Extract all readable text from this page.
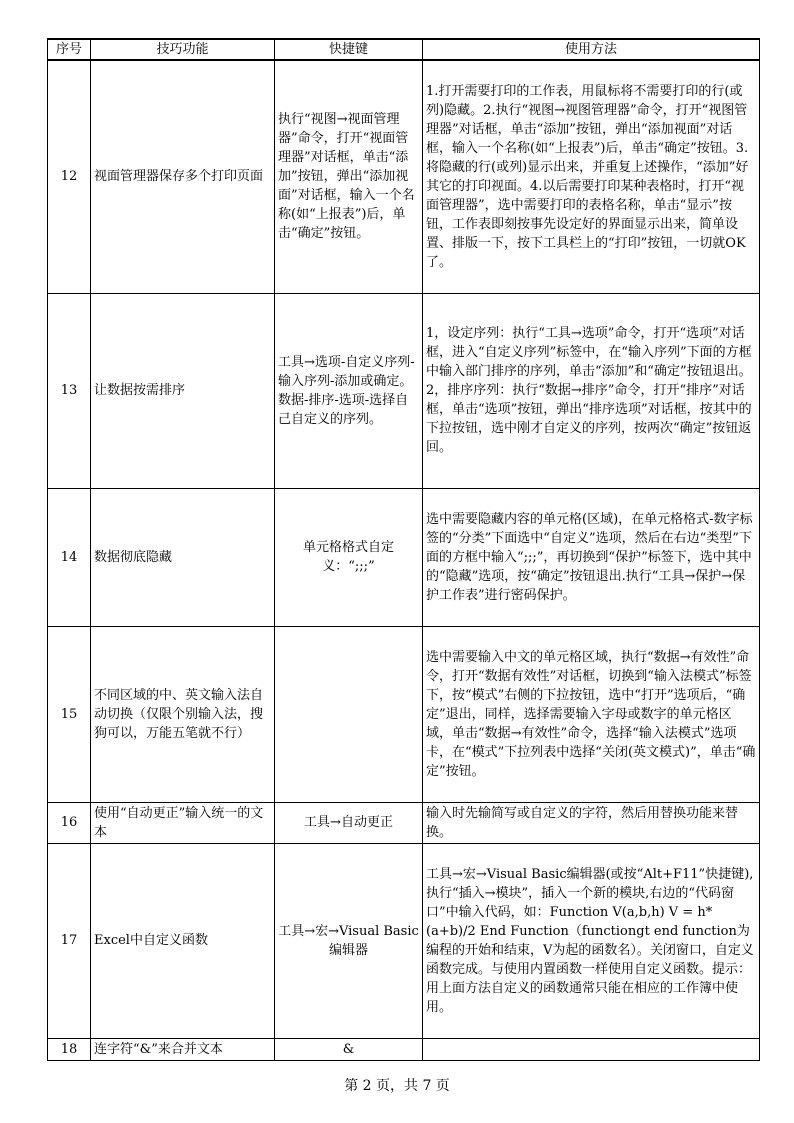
序号	技巧功能	快捷键	使用方法
12	视面管理器保存多个打印页面	执行“视图→视面管理器”命令，打开“视面管理器”对话框，单击“添加”按钮，弹出“添加视面”对话框，输入一个名称(如“上报表”)后，单击“确定”按钮。	1.打开需要打印的工作表，用鼠标将不需要打印的行(或列)隐藏。2.执行“视图→视图管理器”命令，打开“视图管理器”对话框，单击“添加”按钮，弹出“添加视面”对话框，输入一个名称(如“上报表”)后，单击“确定”按钮。3.将隐藏的行(或列)显示出来，并重复上述操作，“添加”好其它的打印视面。4.以后需要打印某种表格时，打开“视面管理器”，选中需要打印的表格名称，单击“显示”按钮，工作表即刻按事先设定好的界面显示出来，简单设置、排版一下，按下工具栏上的“打印”按钮，一切就OK了。
13	让数据按需排序	工具→选项-自定义序列-输入序列-添加或确定。数据-排序-选项-选择自己自定义的序列。	1，设定序列：执行“工具→选项”命令，打开“选项”对话框，进入“自定义序列”标签中，在“输入序列”下面的方框中输入部门排序的序列，单击“添加”和“确定”按钮退出。2，排序序列：执行“数据→排序”命令，打开“排序”对话框，单击“选项”按钮，弹出“排序选项”对话框，按其中的下拉按钮，选中刚才自定义的序列，按两次“确定”按钮返回。
14	数据彻底隐藏	单元格格式自定义：“;;;”	选中需要隐藏内容的单元格(区域)，在单元格格式-数字标签的“分类”下面选中“自定义”选项，然后在右边“类型”下面的方框中输入“;;;”，再切换到“保护”标签下，选中其中的“隐藏”选项，按“确定”按钮退出.执行“工具→保护→保护工作表”进行密码保护。
15	不同区域的中、英文输入法自动切换（仅限个别输入法，搜狗可以，万能五笔就不行）		选中需要输入中文的单元格区域，执行“数据→有效性”命令，打开“数据有效性”对话框，切换到“输入法模式”标签下，按“模式”右侧的下拉按钮，选中“打开”选项后，“确定”退出，同样，选择需要输入字母或数字的单元格区域，单击“数据→有效性”命令，选择“输入法模式”选项卡，在“模式”下拉列表中选择“关闭(英文模式)”，单击“确定”按钮。
16	使用“自动更正”输入统一的文本	工具→自动更正	输入时先输简写或自定义的字符，然后用替换功能来替换。
17	Excel中自定义函数	工具→宏→Visual Basic编辑器	工具→宏→Visual Basic编辑器(或按“Alt+F11”快捷键),执行“插入→模块”，插入一个新的模块,右边的“代码窗口”中输入代码，如：Function V(a,b,h) V = h*(a+b)/2 End Function（functiongt end function为编程的开始和结束，V为起的函数名）。关闭窗口，自定义函数完成。与使用内置函数一样使用自定义函数。提示：用上面方法自定义的函数通常只能在相应的工作簿中使用。
18	连字符“&”来合并文本	&	
第 2 页，共 7 页
